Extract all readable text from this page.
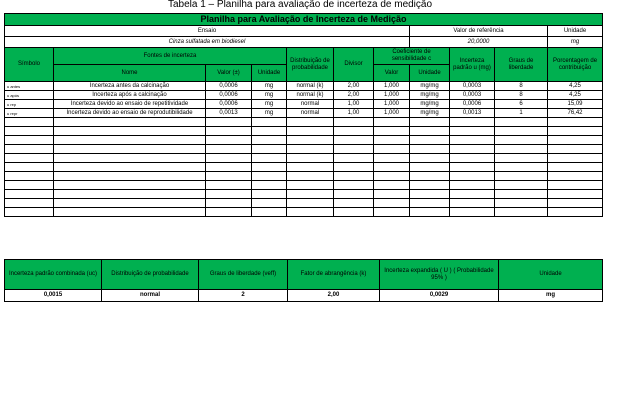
Tabela 1 – Planilha para avaliação de incerteza de medição
Planilha para Avaliação de Incerteza de Medição										
Ensaio							Valor de referência			Unidade
Cinza sulfatada em biodiesel							20,0000			mg
Símbolo	Fontes de incerteza			Distribuição de probabilidade	Divisor	Coeficiente de sensibilidade c		Incerteza padrão u (mg)	Graus de liberdade	Porcentagem de contribuição
	Nome	Valor (±)	Unidade			Valor	Unidade			
u antes	Incerteza antes da calcinação	0,0006	mg	normal (k)	2,00	1,000	mg/mg	0,0003	8	4,25
u após	Incerteza após a calcinação	0,0006	mg	normal (k)	2,00	1,000	mg/mg	0,0003	8	4,25
u rep	Incerteza devido ao ensaio de repetitividade	0,0006	mg	normal	1,00	1,000	mg/mg	0,0006	6	15,09
u repr	Incerteza devido ao ensaio de reprodutibilidade	0,0013	mg	normal	1,00	1,000	mg/mg	0,0013	1	76,42

Incerteza padrão combinada (uc)	Distribuição de probabilidade	Graus de liberdade (νeff)	Fator de abrangência (k)	Incerteza expandida ( U ) ( Probabilidade 95% )	Unidade
0,0015	normal	2	2,00	0,0029	mg
